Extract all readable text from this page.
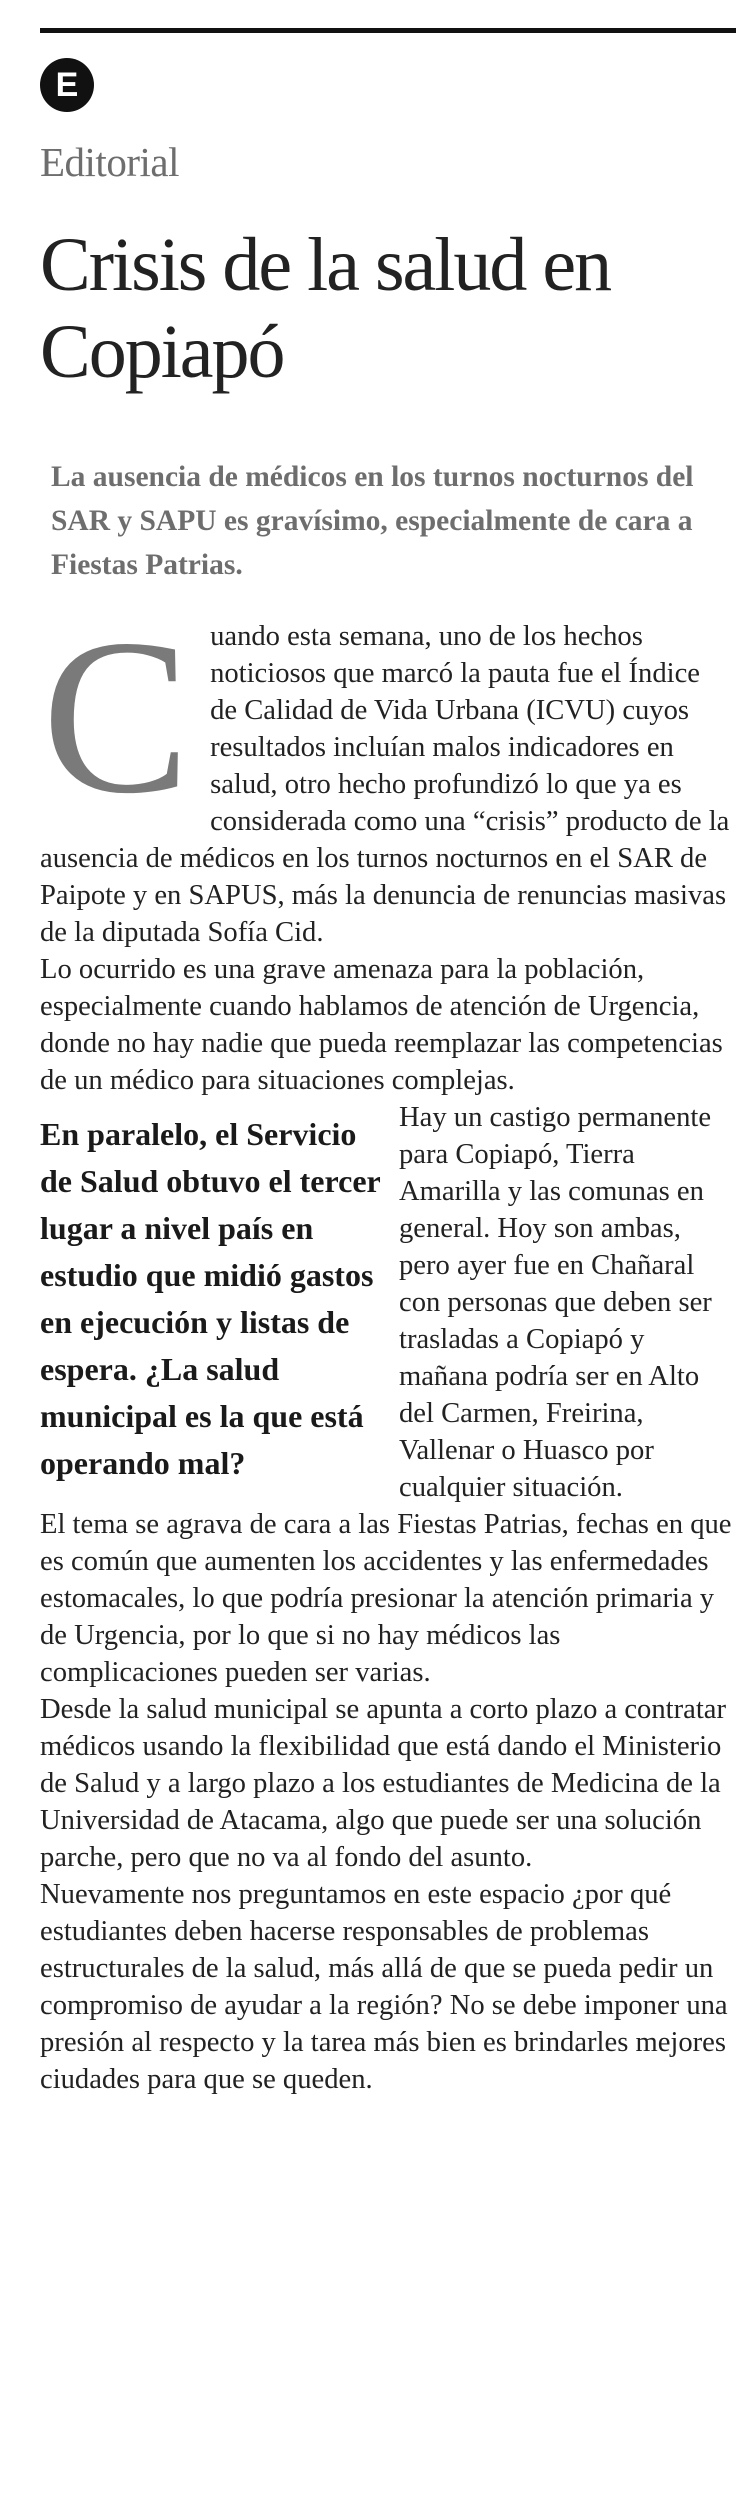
E
Editorial
Crisis de la salud en Copiapó

La ausencia de médicos en los turnos nocturnos del SAR y SAPU es gravísimo, especialmente de cara a Fiestas Patrias.

C uando esta semana, uno de los hechos noticiosos que marcó la pauta fue el Índice de Calidad de Vida Urbana (ICVU) cuyos resultados incluían malos indicadores en salud, otro hecho profundizó lo que ya es considerada como una “crisis” producto de la ausencia de médicos en los turnos nocturnos en el SAR de Paipote y en SAPUS, más la denuncia de renuncias masivas de la diputada Sofía Cid.

Lo ocurrido es una grave amenaza para la población, especialmente cuando hablamos de atención de Urgencia, donde no hay nadie que pueda reemplazar las competencias de un médico para situaciones complejas.

En paralelo, el Servicio de Salud obtuvo el tercer lugar a nivel país en estudio que midió gastos en ejecución y listas de espera. ¿La salud municipal es la que está operando mal?

Hay un castigo permanente para Copiapó, Tierra Amarilla y las comunas en general. Hoy son ambas, pero ayer fue en Chañaral con personas que deben ser trasladas a Copiapó y mañana podría ser en Alto del Carmen, Freirina, Vallenar o Huasco por cualquier situación.

El tema se agrava de cara a las Fiestas Patrias, fechas en que es común que aumenten los accidentes y las enfermedades estomacales, lo que podría presionar la atención primaria y de Urgencia, por lo que si no hay médicos las complicaciones pueden ser varias.

Desde la salud municipal se apunta a corto plazo a contratar médicos usando la flexibilidad que está dando el Ministerio de Salud y a largo plazo a los estudiantes de Medicina de la Universidad de Atacama, algo que puede ser una solución parche, pero que no va al fondo del asunto.

Nuevamente nos preguntamos en este espacio ¿por qué estudiantes deben hacerse responsables de problemas estructurales de la salud, más allá de que se pueda pedir un compromiso de ayudar a la región? No se debe imponer una presión al respecto y la tarea más bien es brindarles mejores ciudades para que se queden.
